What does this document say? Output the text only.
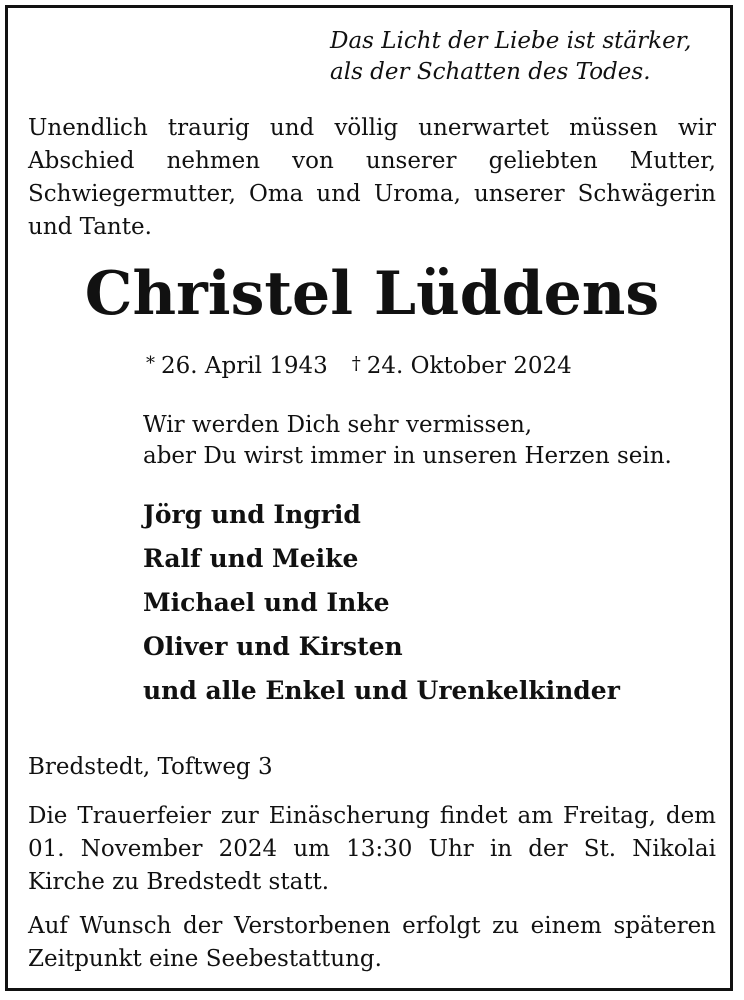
Das Licht der Liebe ist stärker,
als der Schatten des Todes.
Unendlich traurig und völlig unerwartet müssen wir Abschied nehmen von unserer geliebten Mutter, Schwiegermutter, Oma und Uroma, unserer Schwägerin und Tante.
Christel Lüddens
* 26. April 1943 † 24. Oktober 2024
Wir werden Dich sehr vermissen,
aber Du wirst immer in unseren Herzen sein.
Jörg und Ingrid
Ralf und Meike
Michael und Inke
Oliver und Kirsten
und alle Enkel und Urenkelkinder
Bredstedt, Toftweg 3
Die Trauerfeier zur Einäscherung findet am Freitag, dem 01. November 2024 um 13:30 Uhr in der St. Nikolai Kirche zu Bredstedt statt.
Auf Wunsch der Verstorbenen erfolgt zu einem späteren Zeitpunkt eine Seebestattung.
